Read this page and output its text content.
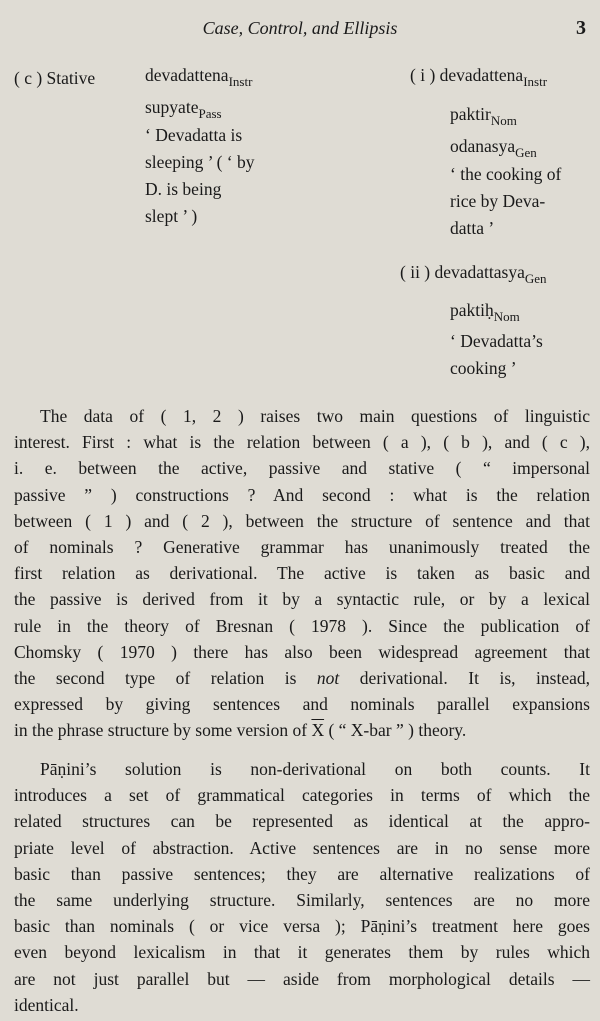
Case, Control, and Ellipsis	3
( c ) Stative	devadattena$_{Instr}$
supyate$_{Pass}$
‘ Devadatta is
sleeping ’ ( ‘ by
D. is being
slept ’ )
( i ) devadattena$_{Instr}$
paktir$_{Nom}$
odanasya$_{Gen}$
‘ the cooking of
rice by Deva-
datta ’
( ii ) devadattasya$_{Gen}$
paktiḥ$_{Nom}$
‘ Devadatta’s
cooking ’
The data of ( 1, 2 ) raises two main questions of linguistic
interest. First : what is the relation between ( a ), ( b ), and ( c ),
i. e. between the active, passive and stative ( “ impersonal
passive ” ) constructions ? And second : what is the relation
between ( 1 ) and ( 2 ), between the structure of sentence and that
of nominals ? Generative grammar has unanimously treated the
first relation as derivational. The active is taken as basic and
the passive is derived from it by a syntactic rule, or by a lexical
rule in the theory of Bresnan ( 1978 ). Since the publication of
Chomsky ( 1970 ) there has also been widespread agreement that
the second type of relation is not derivational. It is, instead,
expressed by giving sentences and nominals parallel expansions
in the phrase structure by some version of $\overline{X}$ ( “ X-bar ” ) theory.
Pāṇini’s solution is non-derivational on both counts. It
introduces a set of grammatical categories in terms of which the
related structures can be represented as identical at the appro-
priate level of abstraction. Active sentences are in no sense more
basic than passive sentences; they are alternative realizations of
the same underlying structure. Similarly, sentences are no more
basic than nominals ( or vice versa ); Pāṇini’s treatment here goes
even beyond lexicalism in that it generates them by rules which
are not just parallel but — aside from morphological details —
identical.
